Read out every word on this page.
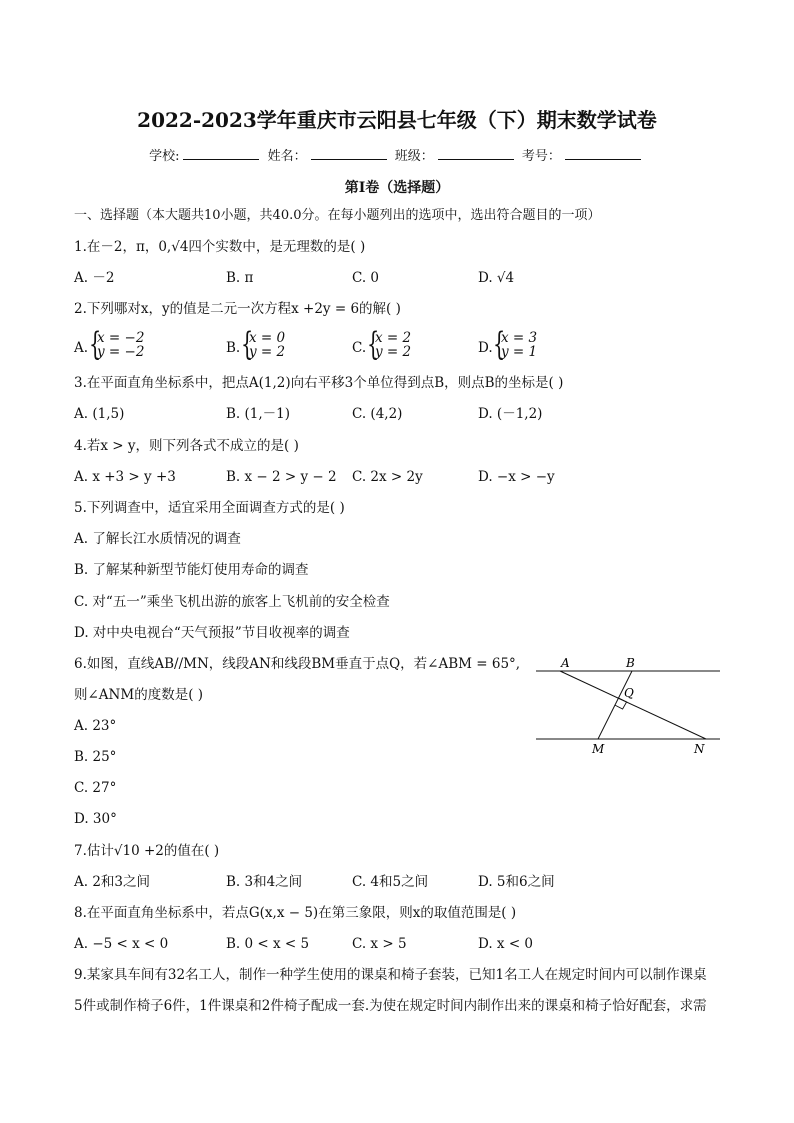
2022-2023学年重庆市云阳县七年级（下）期末数学试卷
学校:	姓名：	班级：	考号：
第Ⅰ卷（选择题）
一、选择题（本大题共10小题，共40.0分。在每小题列出的选项中，选出符合题目的一项）
1.在－2，π，0,√4四个实数中，是无理数的是( )
A. －2	B. π	C. 0	D. √4
2.下列哪对x，y的值是二元一次方程x +2y = 6的解( )
A. {
x = −2
y = −2	B. {
x = 0
y = 2	C. {
x = 2
y = 2	D. {
x = 3
y = 1
3.在平面直角坐标系中，把点A(1,2)向右平移3个单位得到点B，则点B的坐标是( )
A. (1,5)	B. (1,－1)	C. (4,2)	D. (－1,2)
4.若x > y，则下列各式不成立的是( )
A. x +3 > y +3	B. x − 2 > y − 2 C. 2x > 2y	D. −x > −y
5.下列调查中，适宜采用全面调查方式的是( )
A. 了解长江水质情况的调查
B. 了解某种新型节能灯使用寿命的调查
C. 对“五一”乘坐飞机出游的旅客上飞机前的安全检查
D. 对中央电视台“天气预报”节目收视率的调查
6.如图，直线AB//MN，线段AN和线段BM垂直于点Q，若∠ABM = 65°,
则∠ANM的度数是( )
A. 23°
B. 25°
C. 27°
D. 30°
A	B
Q
M	N
7.估计√10 +2的值在( )
A. 2和3之间	B. 3和4之间	C. 4和5之间	D. 5和6之间
8.在平面直角坐标系中，若点G(x,x − 5)在第三象限，则x的取值范围是( )
A. −5 < x < 0	B. 0 < x < 5	C. x > 5	D. x < 0
9.某家具车间有32名工人，制作一种学生使用的课桌和椅子套装，已知1名工人在规定时间内可以制作课桌
5件或制作椅子6件，1件课桌和2件椅子配成一套.为使在规定时间内制作出来的课桌和椅子恰好配套，求需
